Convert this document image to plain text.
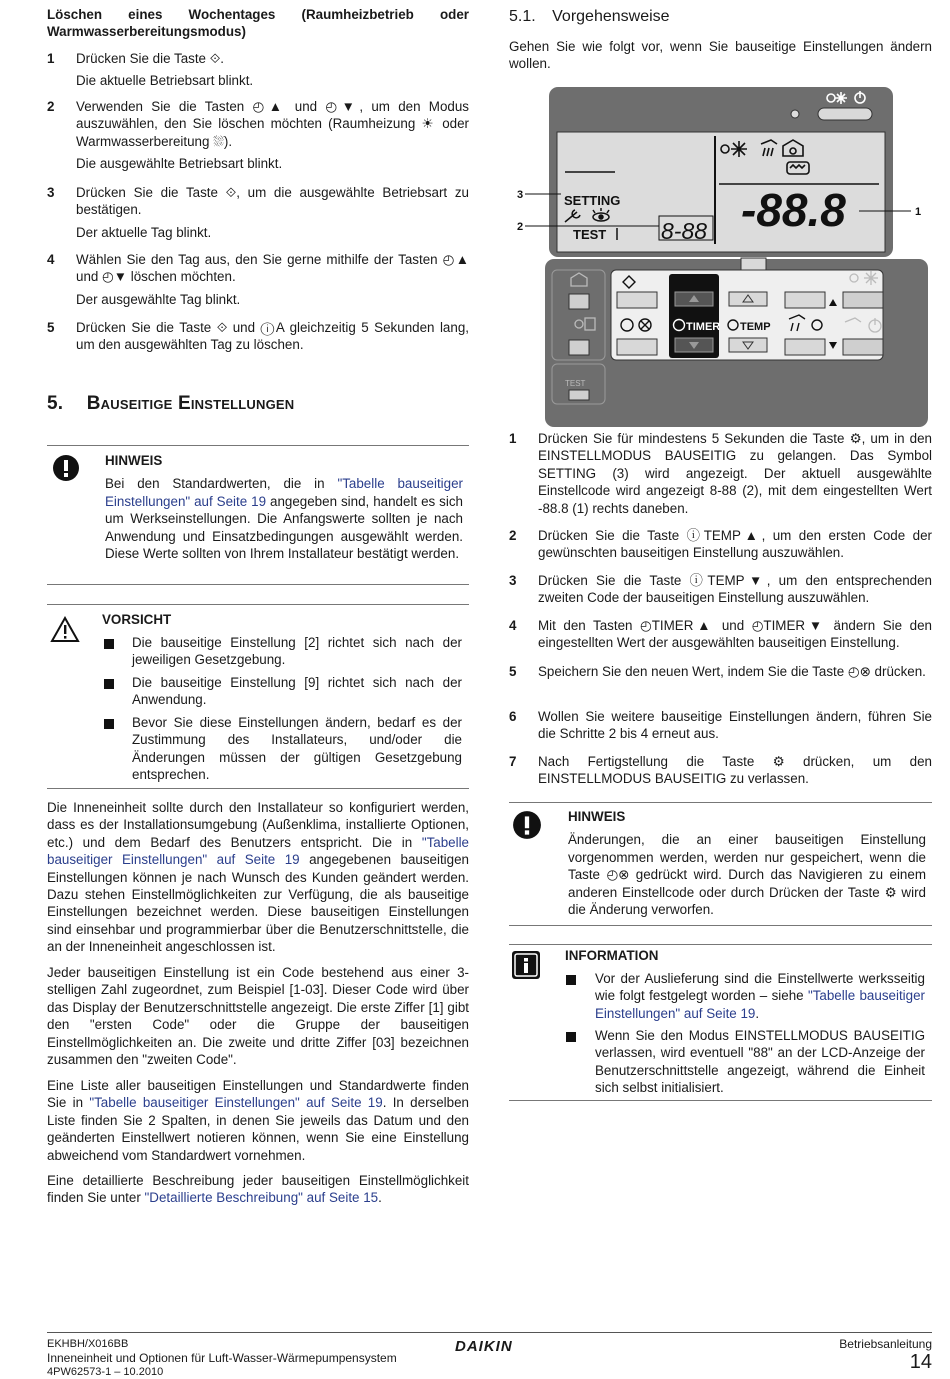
Löschen eines Wochentages (Raumheizbetrieb oder Warmwasserbereitungsmodus)

1 Drücken Sie die Taste ⟐.

Die aktuelle Betriebsart blinkt.

2 Verwenden Sie die Tasten ◴▲ und ◴▼, um den Modus auszuwählen, den Sie löschen möchten (Raumheizung ☀ oder Warmwasserbereitung ⛆).

Die ausgewählte Betriebsart blinkt.

3 Drücken Sie die Taste ⟐, um die ausgewählte Betriebsart zu bestätigen.

Der aktuelle Tag blinkt.

4 Wählen Sie den Tag aus, den Sie gerne mithilfe der Tasten ◴▲ und ◴▼ löschen möchten.

Der ausgewählte Tag blinkt.

5 Drücken Sie die Taste ⟐ und ⓘA gleichzeitig 5 Sekunden lang, um den ausgewählten Tag zu löschen.

5. Bauseitige Einstellungen

HINWEIS

Bei den Standardwerten, die in "Tabelle bauseitiger Einstellungen" auf Seite 19 angegeben sind, handelt es sich um Werkseinstellungen. Die Anfangswerte sollten je nach Anwendung und Einsatzbedingungen ausgewählt werden. Diese Werte sollten von Ihrem Installateur bestätigt werden.

VORSICHT

Die bauseitige Einstellung [2] richtet sich nach der jeweiligen Gesetzgebung.

Die bauseitige Einstellung [9] richtet sich nach der Anwendung.

Bevor Sie diese Einstellungen ändern, bedarf es der Zustimmung des Installateurs, und/oder die Änderungen müssen der gültigen Gesetzgebung entsprechen.

Die Inneneinheit sollte durch den Installateur so konfiguriert werden, dass es der Installationsumgebung (Außenklima, installierte Optionen, etc.) und dem Bedarf des Benutzers entspricht. Die in "Tabelle bauseitiger Einstellungen" auf Seite 19 angegebenen bauseitigen Einstellungen können je nach Wunsch des Kunden geändert werden. Dazu stehen Einstellmöglichkeiten zur Verfügung, die als bauseitige Einstellungen bezeichnet werden. Diese bauseitigen Einstellungen sind einsehbar und programmierbar über die Benutzerschnittstelle, die an der Inneneinheit angeschlossen ist.

Jeder bauseitigen Einstellung ist ein Code bestehend aus einer 3-stelligen Zahl zugeordnet, zum Beispiel [1-03]. Dieser Code wird über das Display der Benutzerschnittstelle angezeigt. Die erste Ziffer [1] gibt den "ersten Code" oder die Gruppe der bauseitigen Einstellmöglichkeiten an. Die zweite und dritte Ziffer [03] bezeichnen zusammen den "zweiten Code".

Eine Liste aller bauseitigen Einstellungen und Standardwerte finden Sie in "Tabelle bauseitiger Einstellungen" auf Seite 19. In derselben Liste finden Sie 2 Spalten, in denen Sie jeweils das Datum und den geänderten Einstellwert notieren können, wenn Sie eine Einstellung abweichend vom Standardwert vornehmen.

Eine detaillierte Beschreibung jeder bauseitigen Einstellmöglichkeit finden Sie unter "Detaillierte Beschreibung" auf Seite 15.

5.1. Vorgehensweise

Gehen Sie wie folgt vor, wenn Sie bauseitige Einstellungen ändern wollen.

SETTING
TEST 8-88 -88.8
3
2
1
TEST
TIMER TEMP
1 Drücken Sie für mindestens 5 Sekunden die Taste ⚙, um in den EINSTELLMODUS BAUSEITIG zu gelangen. Das Symbol SETTING (3) wird angezeigt. Der aktuell ausgewählte Einstellcode wird angezeigt 8-88 (2), mit dem eingestellten Wert -88.8 (1) rechts daneben.

2 Drücken Sie die Taste ⓘTEMP▲, um den ersten Code der gewünschten bauseitigen Einstellung auszuwählen.

3 Drücken Sie die Taste ⓘTEMP▼, um den entsprechenden zweiten Code der bauseitigen Einstellung auszuwählen.

4 Mit den Tasten ◴TIMER▲ und ◴TIMER▼ ändern Sie den eingestellten Wert der ausgewählten bauseitigen Einstellung.

5 Speichern Sie den neuen Wert, indem Sie die Taste ◴⊗ drücken.

6 Wollen Sie weitere bauseitige Einstellungen ändern, führen Sie die Schritte 2 bis 4 erneut aus.

7 Nach Fertigstellung die Taste ⚙ drücken, um den EINSTELLMODUS BAUSEITIG zu verlassen.

HINWEIS

Änderungen, die an einer bauseitigen Einstellung vorgenommen werden, werden nur gespeichert, wenn die Taste ◴⊗ gedrückt wird. Durch das Navigieren zu einem anderen Einstellcode oder durch Drücken der Taste ⚙ wird die Änderung verworfen.

INFORMATION

Vor der Auslieferung sind die Einstellwerte werksseitig wie folgt festgelegt worden – siehe "Tabelle bauseitiger Einstellungen" auf Seite 19.

Wenn Sie den Modus EINSTELLMODUS BAUSEITIG verlassen, wird eventuell "88" an der LCD-Anzeige der Benutzerschnittstelle angezeigt, während die Einheit sich selbst initialisiert.

EKHBH/X016BB
Inneneinheit und Optionen für Luft-Wasser-Wärmepumpensystem
4PW62573-1 – 10.2010
DAIKIN	Betriebsanleitung
14
